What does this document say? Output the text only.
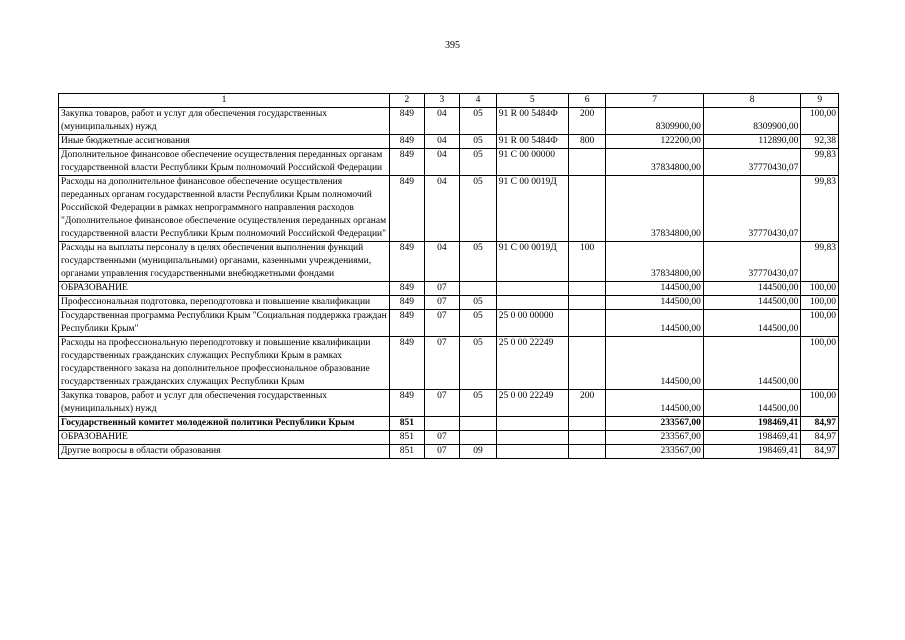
395
1	2	3	4	5	6	7	8	9
Закупка товаров, работ и услуг для обеспечения государственных (муниципальных) нужд	849	04	05	91 R 00 5484Ф	200	8309900,00	8309900,00	100,00
Иные бюджетные ассигнования	849	04	05	91 R 00 5484Ф	800	122200,00	112890,00	92,38
Дополнительное финансовое обеспечение осуществления переданных органам государственной власти Республики Крым полномочий Российской Федерации	849	04	05	91 С 00 00000		37834800,00	37770430,07	99,83
Расходы на дополнительное финансовое обеспечение осуществления переданных органам государственной власти Республики Крым полномочий Российской Федерации в рамках непрограммного направления расходов "Дополнительное финансовое обеспечение осуществления переданных органам государственной власти Республики Крым полномочий Российской Федерации"	849	04	05	91 С 00 0019Д		37834800,00	37770430,07	99,83
Расходы на выплаты персоналу в целях обеспечения выполнения функций государственными (муниципальными) органами, казенными учреждениями, органами управления государственными внебюджетными фондами	849	04	05	91 С 00 0019Д	100	37834800,00	37770430,07	99,83
ОБРАЗОВАНИЕ	849	07				144500,00	144500,00	100,00
Профессиональная подготовка, переподготовка и повышение квалификации	849	07	05			144500,00	144500,00	100,00
Государственная программа Республики Крым "Социальная поддержка граждан Республики Крым"	849	07	05	25 0 00 00000		144500,00	144500,00	100,00
Расходы на профессиональную переподготовку и повышение квалификации государственных гражданских служащих Республики Крым в рамках государственного заказа на дополнительное профессиональное образование государственных гражданских служащих Республики Крым	849	07	05	25 0 00 22249		144500,00	144500,00	100,00
Закупка товаров, работ и услуг для обеспечения государственных (муниципальных) нужд	849	07	05	25 0 00 22249	200	144500,00	144500,00	100,00
Государственный комитет молодежной политики Республики Крым	851					233567,00	198469,41	84,97
ОБРАЗОВАНИЕ	851	07				233567,00	198469,41	84,97
Другие вопросы в области образования	851	07	09			233567,00	198469,41	84,97
